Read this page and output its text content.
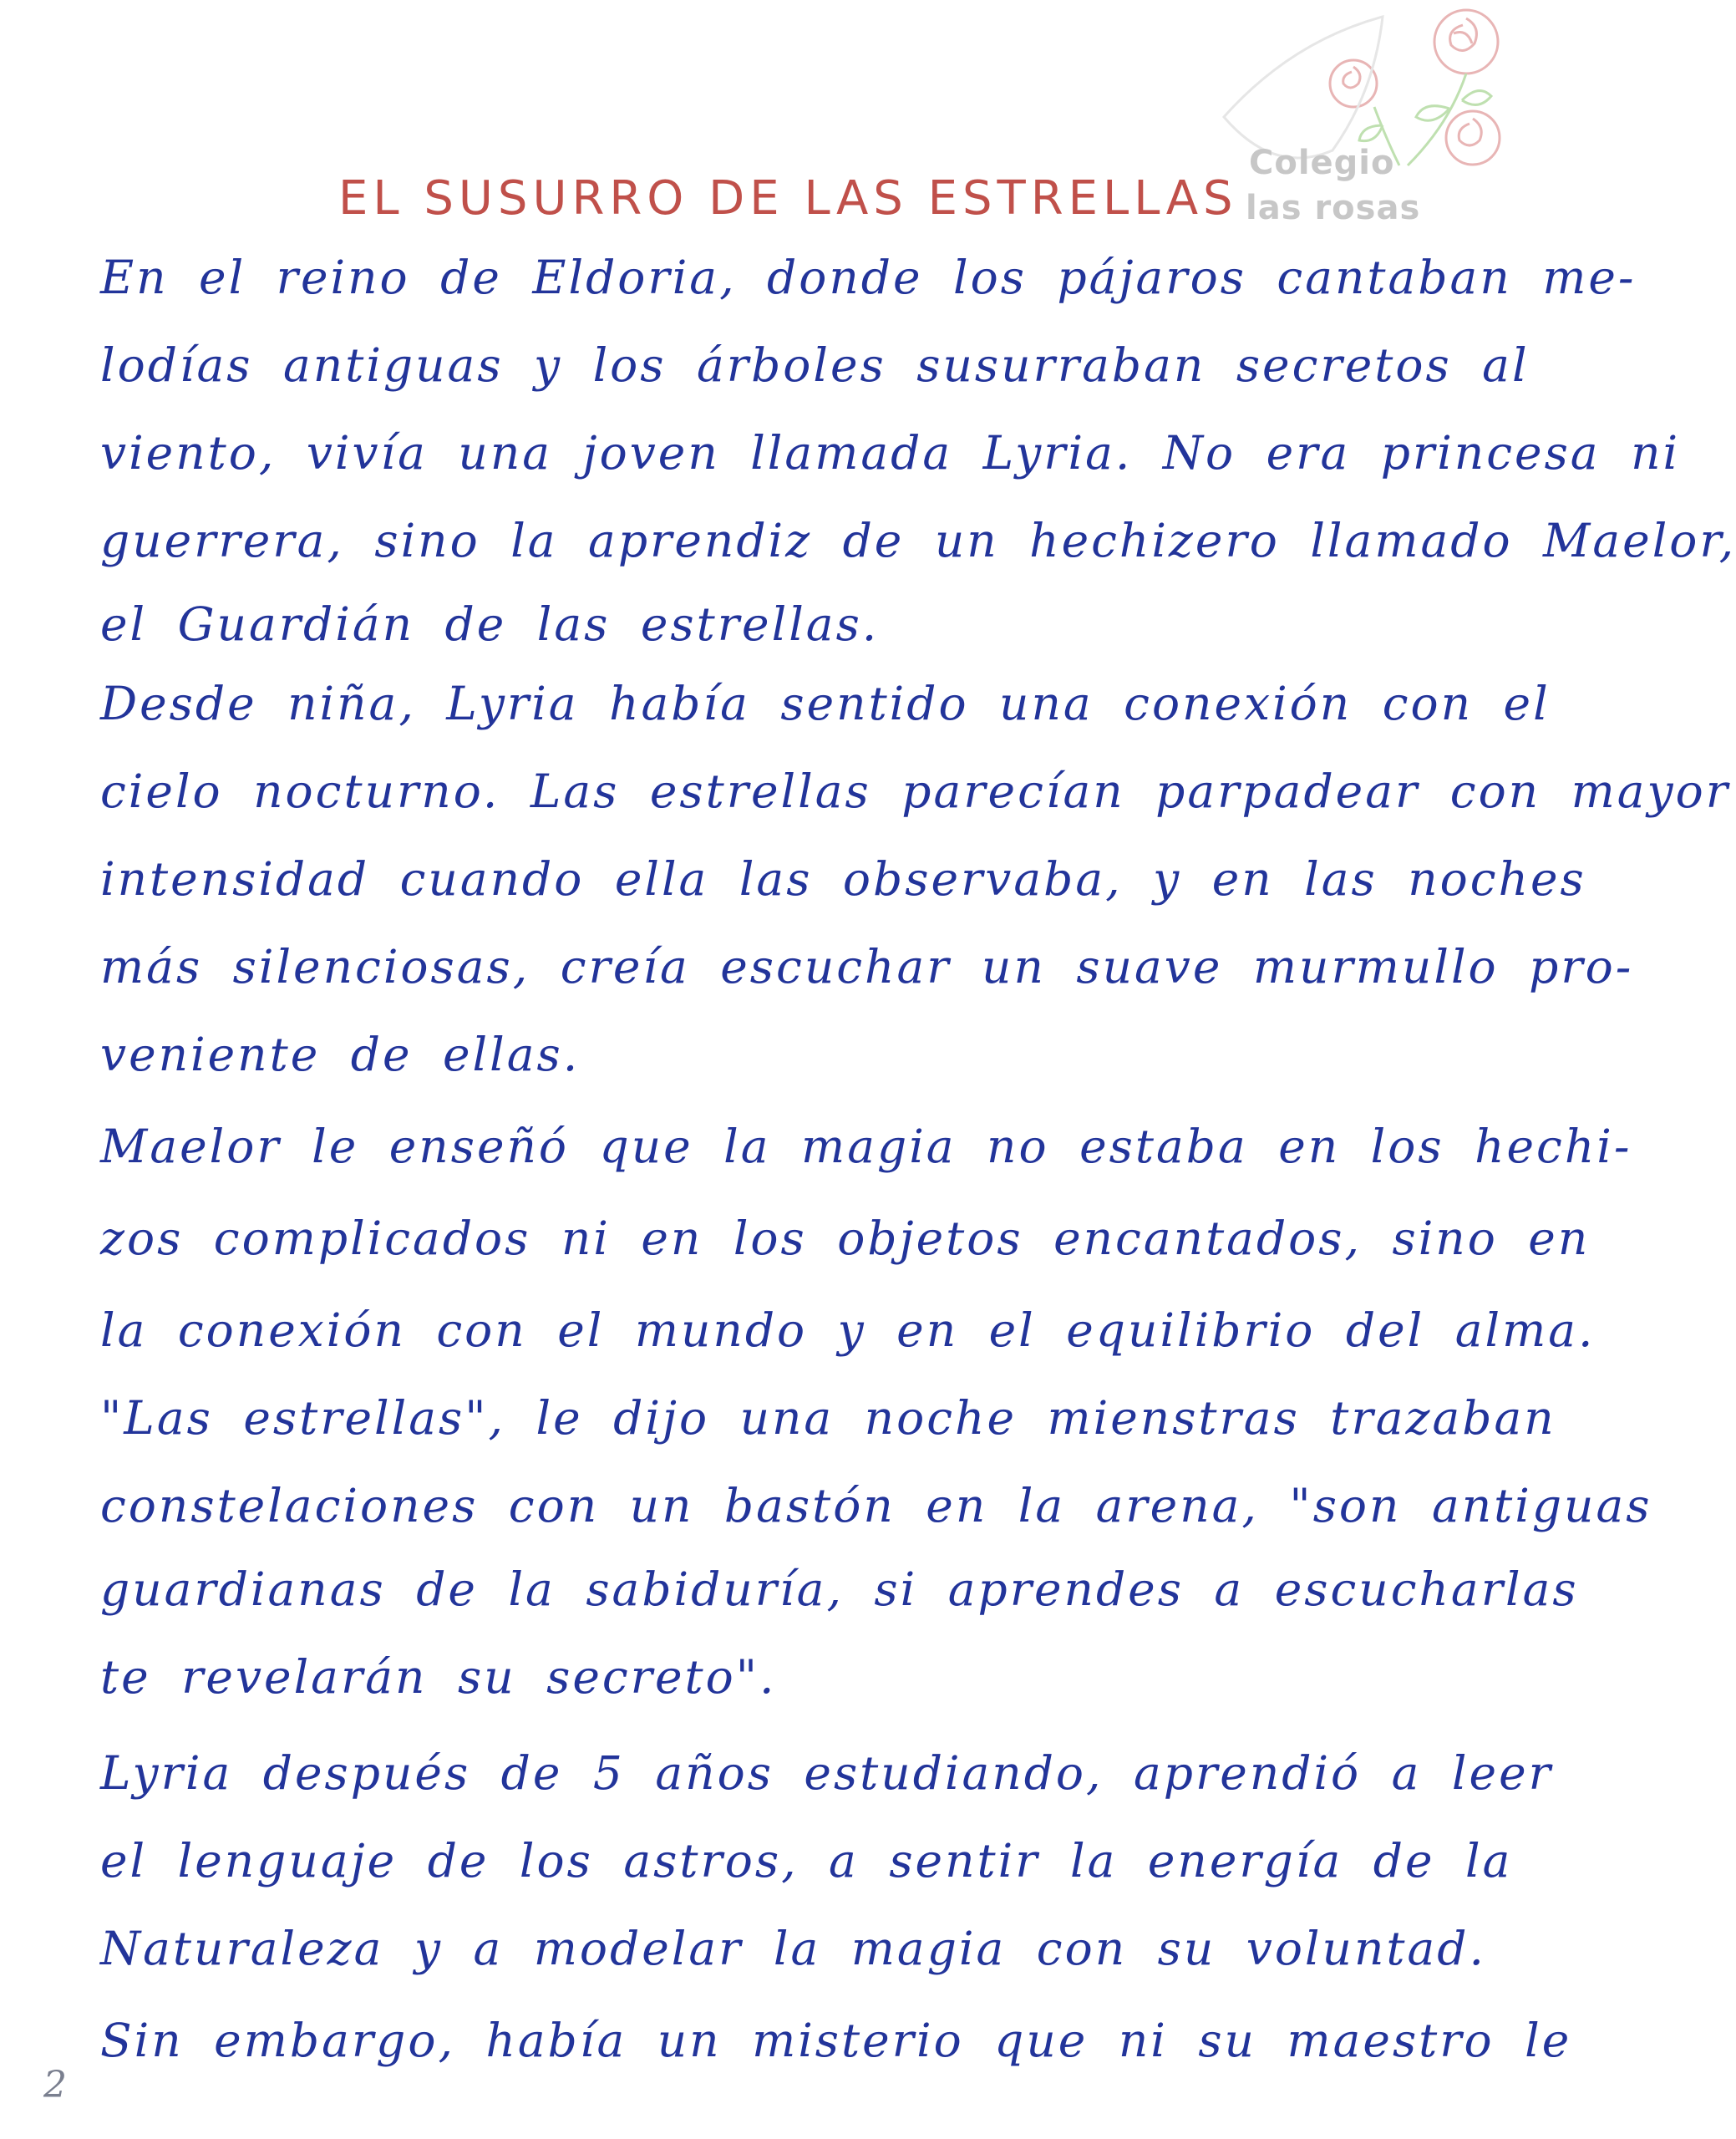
Colegio
las rosas
EL SUSURRO DE LAS ESTRELLAS
En el reino de Eldoria, donde los pájaros cantaban me-
lodías antiguas y los árboles susurraban secretos al
viento, vivía una joven llamada Lyria. No era princesa ni
guerrera, sino la aprendiz de un hechizero llamado Maelor,
el Guardián de las estrellas.
Desde niña, Lyria había sentido una conexión con el
cielo nocturno. Las estrellas parecían parpadear con mayor
intensidad cuando ella las observaba, y en las noches
más silenciosas, creía escuchar un suave murmullo pro-
veniente de ellas.
Maelor le enseñó que la magia no estaba en los hechi-
zos complicados ni en los objetos encantados, sino en
la conexión con el mundo y en el equilibrio del alma.
"Las estrellas", le dijo una noche mienstras trazaban
constelaciones con un bastón en la arena, "son antiguas
guardianas de la sabiduría, si aprendes a escucharlas
te revelarán su secreto".
Lyria después de 5 años estudiando, aprendió a leer
el lenguaje de los astros, a sentir la energía de la
Naturaleza y a modelar la magia con su voluntad.
Sin embargo, había un misterio que ni su maestro le
2
